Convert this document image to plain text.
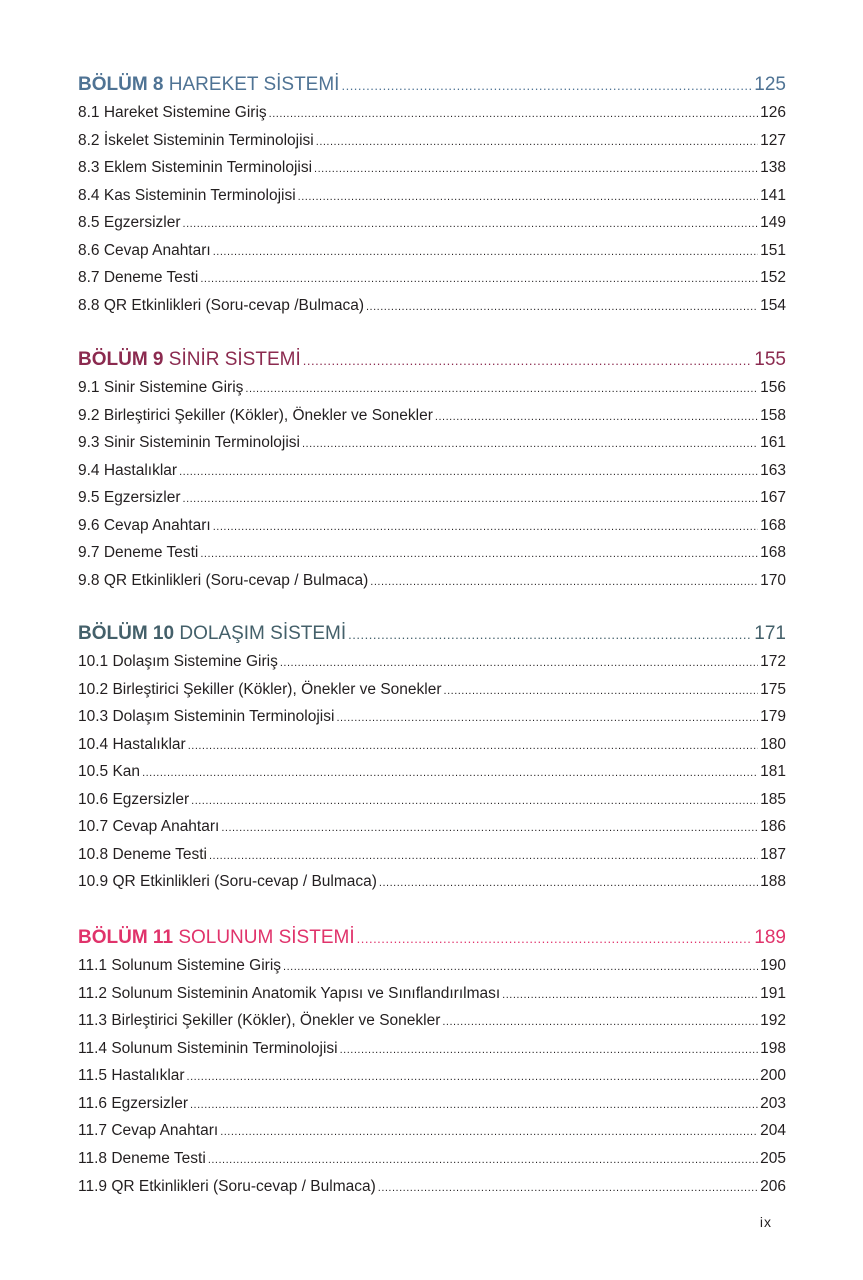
BÖLÜM 8 HAREKET SİSTEMİ .....	125
8.1 Hareket Sistemine Giriş .....	126
8.2 İskelet Sisteminin Terminolojisi .....	127
8.3 Eklem Sisteminin Terminolojisi .....	138
8.4 Kas Sisteminin Terminolojisi .....	141
8.5 Egzersizler .....	149
8.6 Cevap Anahtarı .....	151
8.7 Deneme Testi .....	152
8.8 QR Etkinlikleri (Soru-cevap /Bulmaca) .....	154
BÖLÜM 9 SİNİR SİSTEMİ .....	155
9.1 Sinir Sistemine Giriş .....	156
9.2 Birleştirici Şekiller (Kökler), Önekler ve Sonekler .....	158
9.3 Sinir Sisteminin Terminolojisi .....	161
9.4 Hastalıklar .....	163
9.5 Egzersizler .....	167
9.6 Cevap Anahtarı .....	168
9.7 Deneme Testi .....	168
9.8 QR Etkinlikleri (Soru-cevap / Bulmaca) .....	170
BÖLÜM 10 DOLAŞIM SİSTEMİ .....	171
10.1 Dolaşım Sistemine Giriş .....	172
10.2 Birleştirici Şekiller (Kökler), Önekler ve Sonekler .....	175
10.3 Dolaşım Sisteminin Terminolojisi .....	179
10.4 Hastalıklar .....	180
10.5 Kan .....	181
10.6 Egzersizler .....	185
10.7 Cevap Anahtarı .....	186
10.8 Deneme Testi .....	187
10.9 QR Etkinlikleri (Soru-cevap / Bulmaca) .....	188
BÖLÜM 11 SOLUNUM SİSTEMİ .....	189
11.1 Solunum Sistemine Giriş .....	190
11.2 Solunum Sisteminin Anatomik Yapısı ve Sınıflandırılması .....	191
11.3 Birleştirici Şekiller (Kökler), Önekler ve Sonekler .....	192
11.4 Solunum Sisteminin Terminolojisi .....	198
11.5 Hastalıklar .....	200
11.6 Egzersizler .....	203
11.7 Cevap Anahtarı .....	204
11.8 Deneme Testi .....	205
11.9 QR Etkinlikleri (Soru-cevap / Bulmaca) .....	206
ix
